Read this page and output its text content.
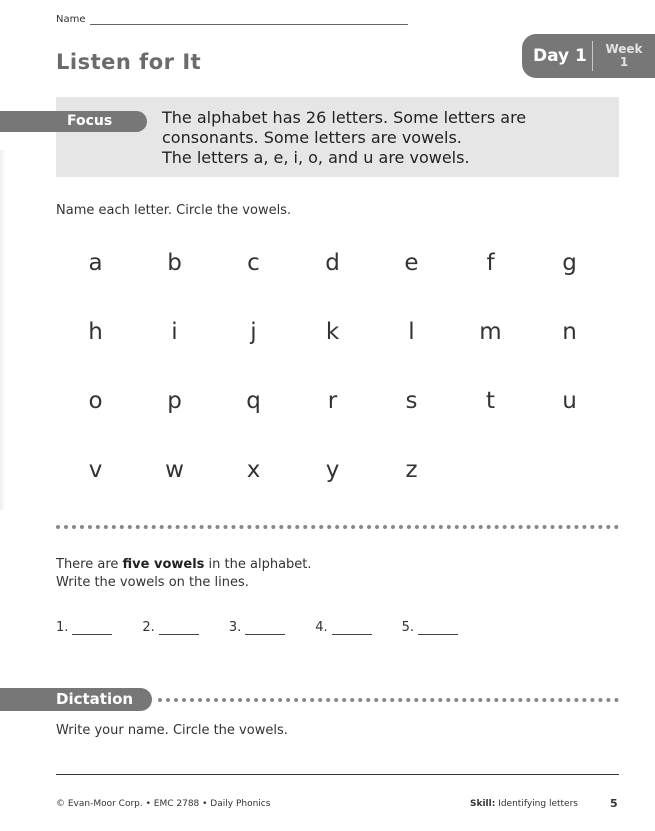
Name
Listen for It	Day 1	Week
1
Focus	The alphabet has 26 letters. Some letters are
consonants. Some letters are vowels.
The letters a, e, i, o, and u are vowels.
Name each letter. Circle the vowels.
a	b	c	d	e	f	g
h	i	j	k	l	m	n
o	p	q	r	s	t	u
v	w	x	y	z
There are five vowels in the alphabet.
Write the vowels on the lines.
1.	2.	3.	4.	5.
Dictation
Write your name. Circle the vowels.
© Evan-Moor Corp. • EMC 2788 • Daily Phonics	Skill: Identifying letters	5
